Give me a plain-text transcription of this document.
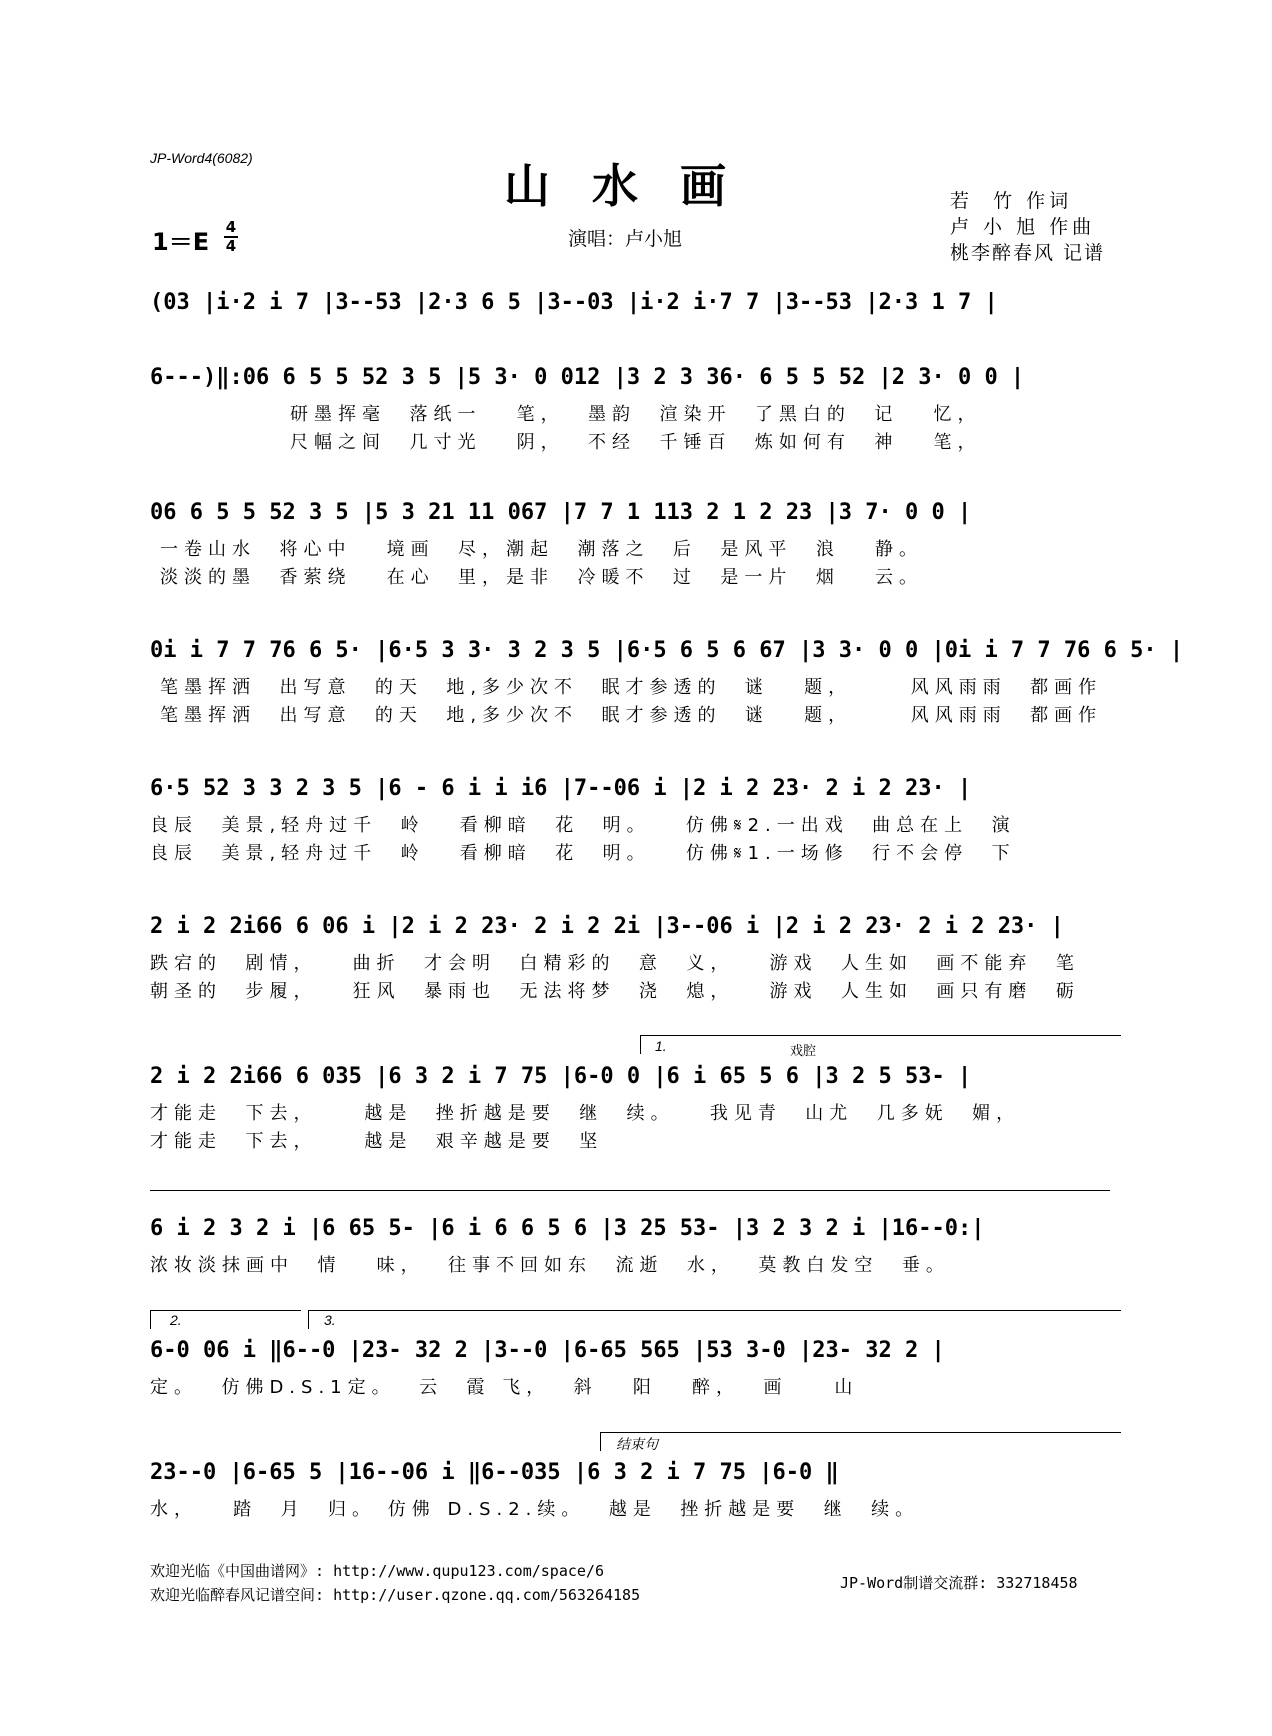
JP-Word4(6082)
山水画
1＝E
4
4	演唱：卢小旭
若  竹 作词
卢 小 旭 作曲
桃李醉春风 记谱
(03 |i·2 i 7 |3--53 |2·3 6 5 |3--03 |i·2 i·7 7 |3--53 |2·3 1 7 |
6---)‖:06 6 5 5 52 3 5 |5 3· 0 012 |3 2 3 36· 6 5 5 52 |2 3· 0 0 |
研墨挥毫  落纸一   笔，  墨韵  渲染开  了黑白的  记   忆，
尺幅之间  几寸光   阴，  不经  千锤百  炼如何有  神   笔，
06 6 5 5 52 3 5 |5 3 21 11 067 |7 7 1 113 2 1 2 23 |3 7· 0 0 |
一卷山水  将心中   境画  尽，潮起  潮落之  后  是风平  浪   静。
淡淡的墨  香萦绕   在心  里，是非  冷暖不  过  是一片  烟   云。
0i i 7 7 76 6 5· |6·5 3 3· 3 2 3 5 |6·5 6 5 6 67 |3 3· 0 0 |0i i 7 7 76 6 5· |
笔墨挥洒  出写意  的天  地,多少次不  眠才参透的  谜   题，     风风雨雨  都画作
笔墨挥洒  出写意  的天  地,多少次不  眠才参透的  谜   题，     风风雨雨  都画作
6·5 52 3 3 2 3 5 |6 - 6 i i i6 |7--06 i |2 i 2 23· 2 i 2 23· |
良辰  美景,轻舟过千  岭   看柳暗  花  明。   仿佛𝄋2.一出戏  曲总在上  演
良辰  美景,轻舟过千  岭   看柳暗  花  明。   仿佛𝄋1.一场修  行不会停  下
2 i 2 2i66 6 06 i |2 i 2 23· 2 i 2 2i |3--06 i |2 i 2 23· 2 i 2 23· |
跌宕的  剧情，   曲折  才会明  白精彩的  意  义，   游戏  人生如  画不能弃  笔
朝圣的  步履，   狂风  暴雨也  无法将梦  浇  熄，   游戏  人生如  画只有磨  砺
1.	戏腔
2 i 2 2i66 6 035 |6 3 2 i 7 75 |6-0 0 |6 i 65 5 6 |3 2 5 53- |
才能走  下去，    越是  挫折越是要  继  续。   我见青  山尤  几多妩  媚，
才能走  下去，    越是  艰辛越是要  坚
6 i 2 3 2 i |6 65 5- |6 i 6 6 5 6 |3 25 53- |3 2 3 2 i |16--0:|
浓妆淡抹画中  情   味，  往事不回如东  流逝  水，  莫教白发空  垂。
2.	3.
6-0 06 i ‖6--0 |23- 32 2 |3--0 |6-65 565 |53 3-0 |23- 32 2 |
定。  仿佛D.S.1定。  云  霞 飞，  斜   阳   醉，  画    山
结束句
23--0 |6-65 5 |16--06 i ‖6--035 |6 3 2 i 7 75 |6-0 ‖
水，   踏  月  归。 仿佛 D.S.2.续。  越是  挫折越是要  继  续。
欢迎光临《中国曲谱网》: http://www.qupu123.com/space/6
欢迎光临醉春风记谱空间: http://user.qzone.qq.com/563264185
JP-Word制谱交流群: 332718458
